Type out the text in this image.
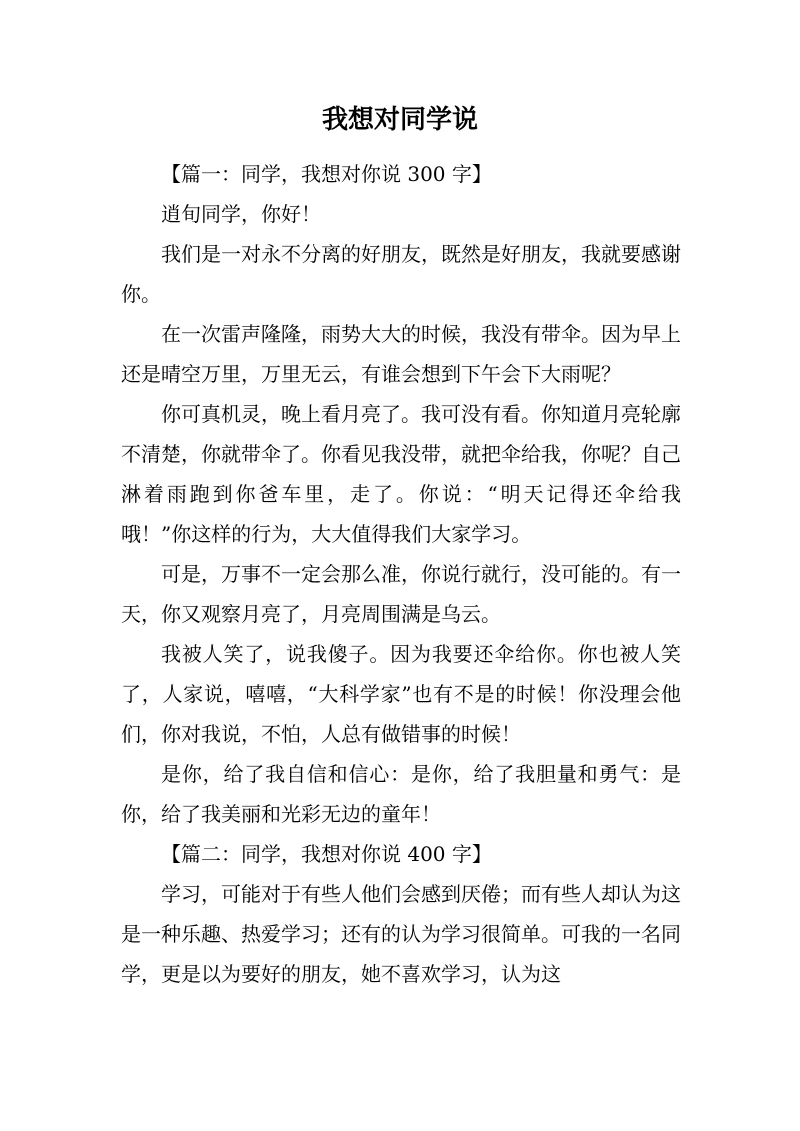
我想对同学说

【篇一：同学，我想对你说 300 字】

逍旬同学，你好！

我们是一对永不分离的好朋友，既然是好朋友，我就要感谢你。

在一次雷声隆隆，雨势大大的时候，我没有带伞。因为早上还是晴空万里，万里无云，有谁会想到下午会下大雨呢？

你可真机灵，晚上看月亮了。我可没有看。你知道月亮轮廓不清楚，你就带伞了。你看见我没带，就把伞给我，你呢？自己淋着雨跑到你爸车里，走了。你说：“明天记得还伞给我哦！”你这样的行为，大大值得我们大家学习。

可是，万事不一定会那么准，你说行就行，没可能的。有一天，你又观察月亮了，月亮周围满是乌云。

我被人笑了，说我傻子。因为我要还伞给你。你也被人笑了，人家说，嘻嘻，“大科学家”也有不是的时候！你没理会他们，你对我说，不怕，人总有做错事的时候！

是你，给了我自信和信心：是你，给了我胆量和勇气：是你，给了我美丽和光彩无边的童年！

【篇二：同学，我想对你说 400 字】

学习，可能对于有些人他们会感到厌倦；而有些人却认为这是一种乐趣、热爱学习；还有的认为学习很简单。可我的一名同学，更是以为要好的朋友，她不喜欢学习，认为这
